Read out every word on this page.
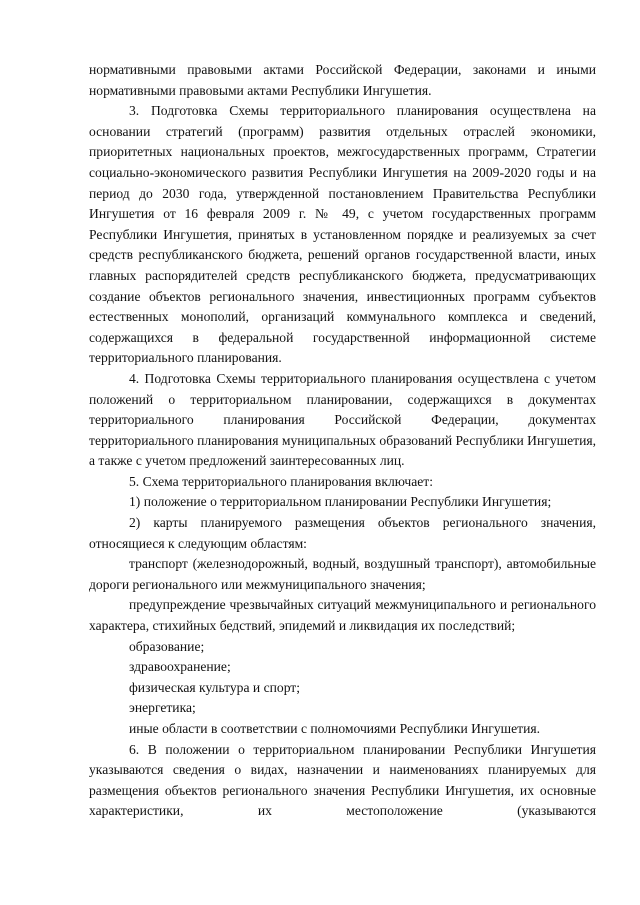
нормативными правовыми актами Российской Федерации, законами и иными нормативными правовыми актами Республики Ингушетия.

3. Подготовка Схемы территориального планирования осуществлена на основании стратегий (программ) развития отдельных отраслей экономики, приоритетных национальных проектов, межгосударственных программ, Стратегии социально-экономического развития Республики Ингушетия на 2009-2020 годы и на период до 2030 года, утвержденной постановлением Правительства Республики Ингушетия от 16 февраля 2009 г. № 49, с учетом государственных программ Республики Ингушетия, принятых в установленном порядке и реализуемых за счет средств республиканского бюджета, решений органов государственной власти, иных главных распорядителей средств республиканского бюджета, предусматривающих создание объектов регионального значения, инвестиционных программ субъектов естественных монополий, организаций коммунального комплекса и сведений, содержащихся в федеральной государственной информационной системе территориального планирования.

4. Подготовка Схемы территориального планирования осуществлена с учетом положений о территориальном планировании, содержащихся в документах территориального планирования Российской Федерации, документах территориального планирования муниципальных образований Республики Ингушетия, а также с учетом предложений заинтересованных лиц.

5. Схема территориального планирования включает:

1) положение о территориальном планировании Республики Ингушетия;

2) карты планируемого размещения объектов регионального значения, относящиеся к следующим областям:

транспорт (железнодорожный, водный, воздушный транспорт), автомобильные дороги регионального или межмуниципального значения;

предупреждение чрезвычайных ситуаций межмуниципального и регионального характера, стихийных бедствий, эпидемий и ликвидация их последствий;

образование;

здравоохранение;

физическая культура и спорт;

энергетика;

иные области в соответствии с полномочиями Республики Ингушетия.

6. В положении о территориальном планировании Республики Ингушетия указываются сведения о видах, назначении и наименованиях планируемых для размещения объектов регионального значения Республики Ингушетия, их основные характеристики, их местоположение (указываются
